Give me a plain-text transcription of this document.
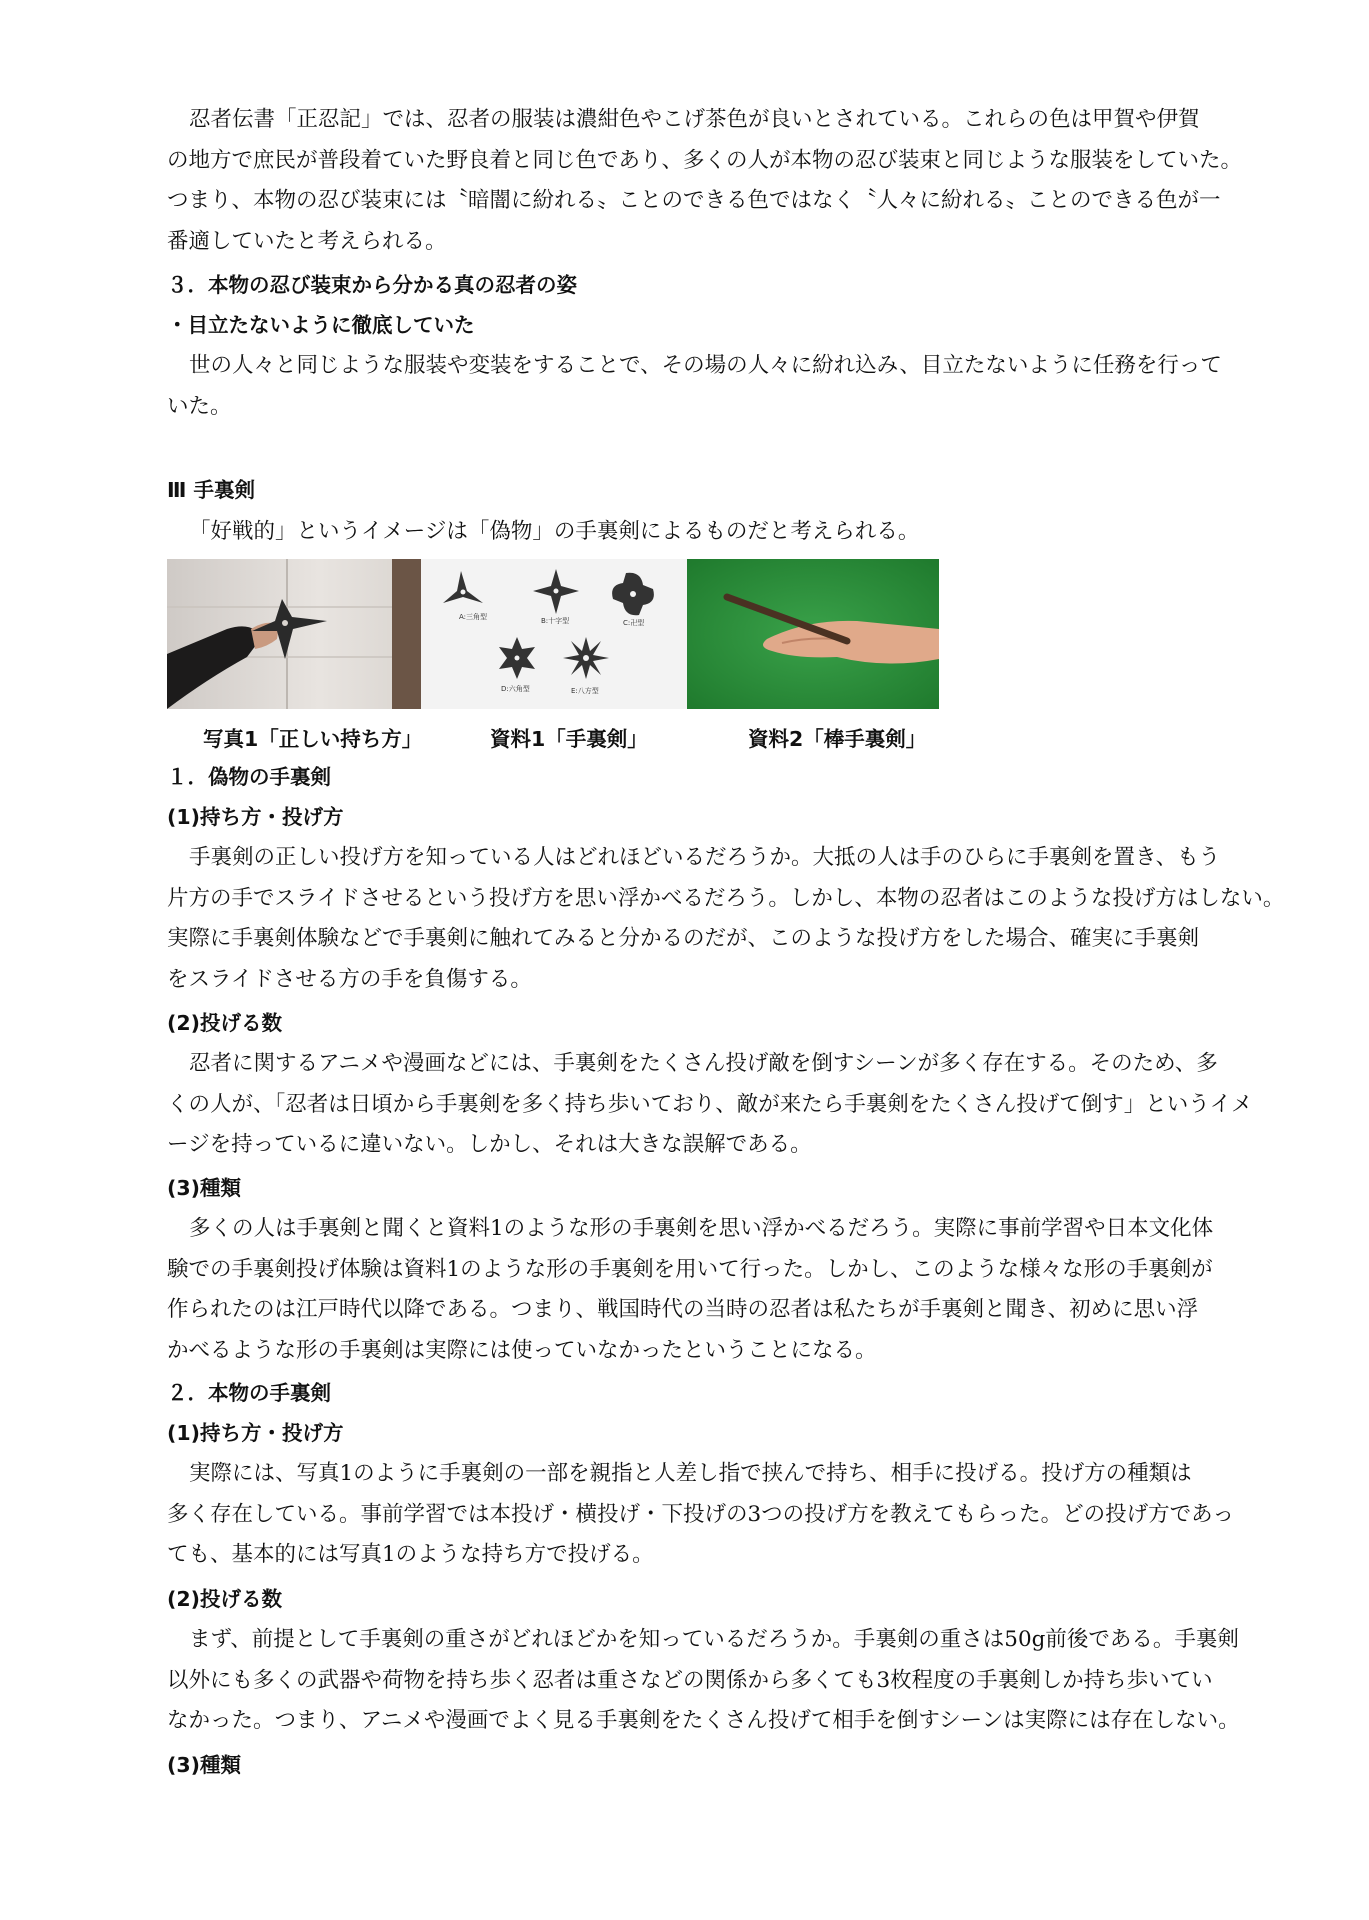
忍者伝書「正忍記」では、忍者の服装は濃紺色やこげ茶色が良いとされている。これらの色は甲賀や伊賀
の地方で庶民が普段着ていた野良着と同じ色であり、多くの人が本物の忍び装束と同じような服装をしていた。
つまり、本物の忍び装束には〝暗闇に紛れる〟ことのできる色ではなく〝人々に紛れる〟ことのできる色が一
番適していたと考えられる。
３．本物の忍び装束から分かる真の忍者の姿
・目立たないように徹底していた
世の人々と同じような服装や変装をすることで、その場の人々に紛れ込み、目立たないように任務を行って
いた。
Ⅲ 手裏剣
「好戦的」というイメージは「偽物」の手裏剣によるものだと考えられる。
A:三角型	B:十字型	C:卍型
D:六角型	E:八方型
写真1「正しい持ち方」	資料1「手裏剣」	資料2「棒手裏剣」
１．偽物の手裏剣
(1)持ち方・投げ方
手裏剣の正しい投げ方を知っている人はどれほどいるだろうか。大抵の人は手のひらに手裏剣を置き、もう
片方の手でスライドさせるという投げ方を思い浮かべるだろう。しかし、本物の忍者はこのような投げ方はしない。
実際に手裏剣体験などで手裏剣に触れてみると分かるのだが、このような投げ方をした場合、確実に手裏剣
をスライドさせる方の手を負傷する。
(2)投げる数
忍者に関するアニメや漫画などには、手裏剣をたくさん投げ敵を倒すシーンが多く存在する。そのため、多
くの人が、「忍者は日頃から手裏剣を多く持ち歩いており、敵が来たら手裏剣をたくさん投げて倒す」というイメ
ージを持っているに違いない。しかし、それは大きな誤解である。
(3)種類
多くの人は手裏剣と聞くと資料1のような形の手裏剣を思い浮かべるだろう。実際に事前学習や日本文化体
験での手裏剣投げ体験は資料1のような形の手裏剣を用いて行った。しかし、このような様々な形の手裏剣が
作られたのは江戸時代以降である。つまり、戦国時代の当時の忍者は私たちが手裏剣と聞き、初めに思い浮
かべるような形の手裏剣は実際には使っていなかったということになる。
２．本物の手裏剣
(1)持ち方・投げ方
実際には、写真1のように手裏剣の一部を親指と人差し指で挟んで持ち、相手に投げる。投げ方の種類は
多く存在している。事前学習では本投げ・横投げ・下投げの3つの投げ方を教えてもらった。どの投げ方であっ
ても、基本的には写真1のような持ち方で投げる。
(2)投げる数
まず、前提として手裏剣の重さがどれほどかを知っているだろうか。手裏剣の重さは50g前後である。手裏剣
以外にも多くの武器や荷物を持ち歩く忍者は重さなどの関係から多くても3枚程度の手裏剣しか持ち歩いてい
なかった。つまり、アニメや漫画でよく見る手裏剣をたくさん投げて相手を倒すシーンは実際には存在しない。
(3)種類
